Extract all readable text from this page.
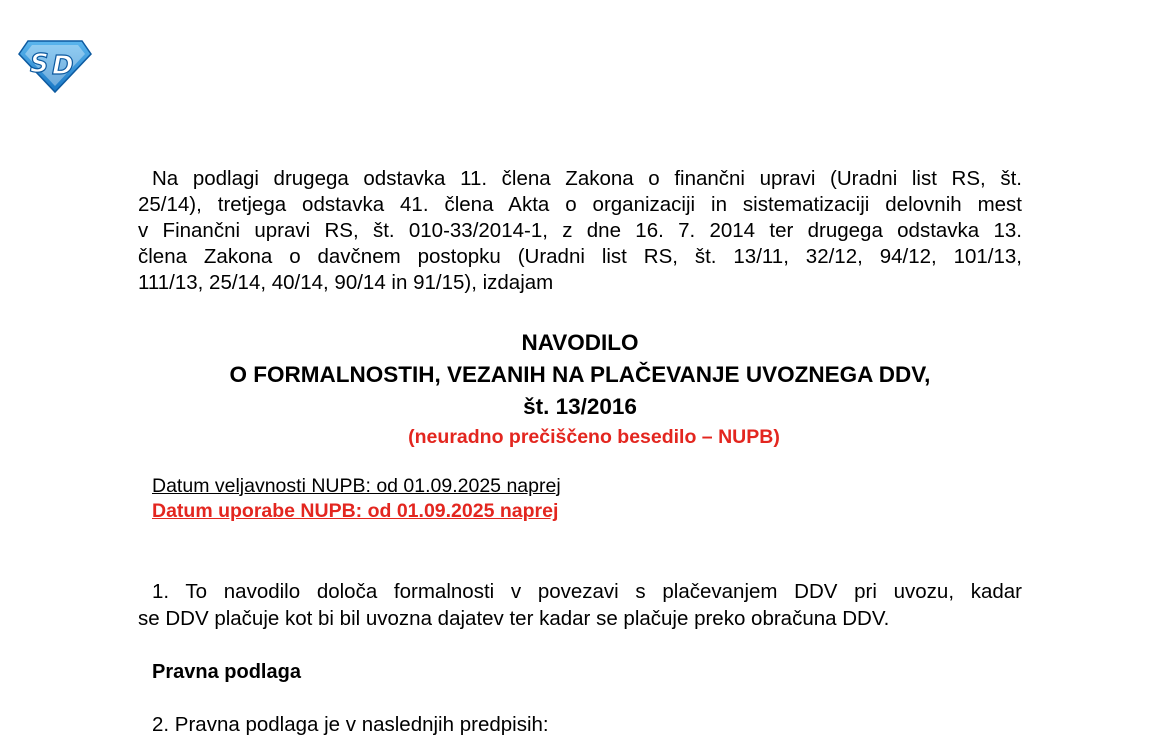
S D
Na podlagi drugega odstavka 11. člena Zakona o finančni upravi (Uradni list RS, št.
25/14), tretjega odstavka 41. člena Akta o organizaciji in sistematizaciji delovnih mest
v Finančni upravi RS, št. 010-33/2014-1, z dne 16. 7. 2014 ter drugega odstavka 13.
člena Zakona o davčnem postopku (Uradni list RS, št. 13/11, 32/12, 94/12, 101/13,
111/13, 25/14, 40/14, 90/14 in 91/15), izdajam
NAVODILO
O FORMALNOSTIH, VEZANIH NA PLAČEVANJE UVOZNEGA DDV,
št. 13/2016
(neuradno prečiščeno besedilo – NUPB)
Datum veljavnosti NUPB: od 01.09.2025 naprej
Datum uporabe NUPB: od 01.09.2025 naprej
1. To navodilo določa formalnosti v povezavi s plačevanjem DDV pri uvozu, kadar
se DDV plačuje kot bi bil uvozna dajatev ter kadar se plačuje preko obračuna DDV.
Pravna podlaga
2. Pravna podlaga je v naslednjih predpisih:
